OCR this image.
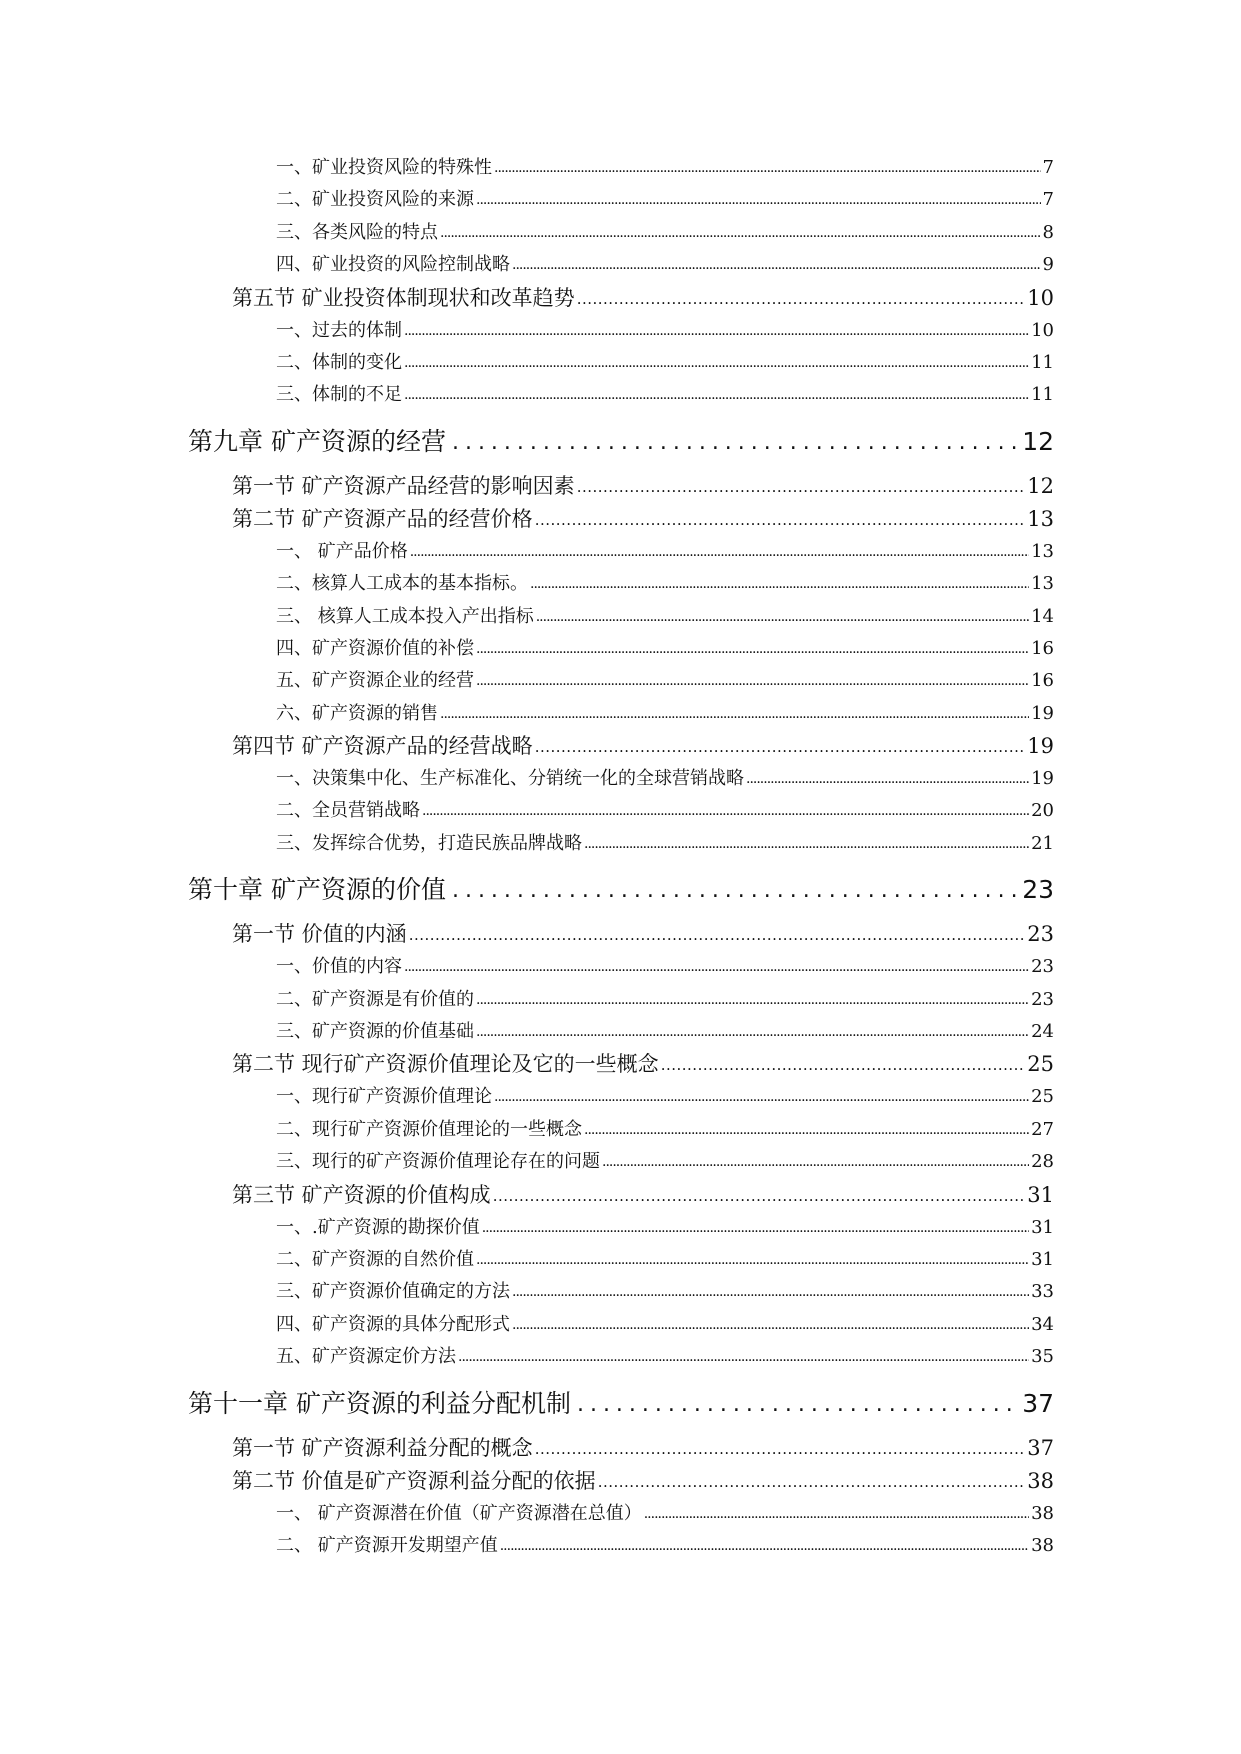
一、矿业投资风险的特殊性 .....	7
二、矿业投资风险的来源 .....	7
三、各类风险的特点 .....	8
四、矿业投资的风险控制战略 .....	9
第五节 矿业投资体制现状和改革趋势 .....	10
一、过去的体制 .....	10
二、体制的变化 .....	11
三、体制的不足 .....	11
第九章 矿产资源的经营 .....	12
第一节 矿产资源产品经营的影响因素 .....	12
第二节 矿产资源产品的经营价格 .....	13
一、 矿产品价格 .....	13
二、核算人工成本的基本指标。 .....	13
三、 核算人工成本投入产出指标 .....	14
四、矿产资源价值的补偿 .....	16
五、矿产资源企业的经营 .....	16
六、矿产资源的销售 .....	19
第四节 矿产资源产品的经营战略 .....	19
一、决策集中化、生产标准化、分销统一化的全球营销战略 .....	19
二、全员营销战略 .....	20
三、发挥综合优势，打造民族品牌战略 .....	21
第十章 矿产资源的价值 .....	23
第一节 价值的内涵 .....	23
一、价值的内容 .....	23
二、矿产资源是有价值的 .....	23
三、矿产资源的价值基础 .....	24
第二节 现行矿产资源价值理论及它的一些概念 .....	25
一、现行矿产资源价值理论 .....	25
二、现行矿产资源价值理论的一些概念 .....	27
三、现行的矿产资源价值理论存在的问题 .....	28
第三节 矿产资源的价值构成 .....	31
一、.矿产资源的勘探价值 .....	31
二、矿产资源的自然价值 .....	31
三、矿产资源价值确定的方法 .....	33
四、矿产资源的具体分配形式 .....	34
五、矿产资源定价方法 .....	35
第十一章 矿产资源的利益分配机制 .....	37
第一节 矿产资源利益分配的概念 .....	37
第二节 价值是矿产资源利益分配的依据 .....	38
一、 矿产资源潜在价值（矿产资源潜在总值） .....	38
二、 矿产资源开发期望产值 .....	38
